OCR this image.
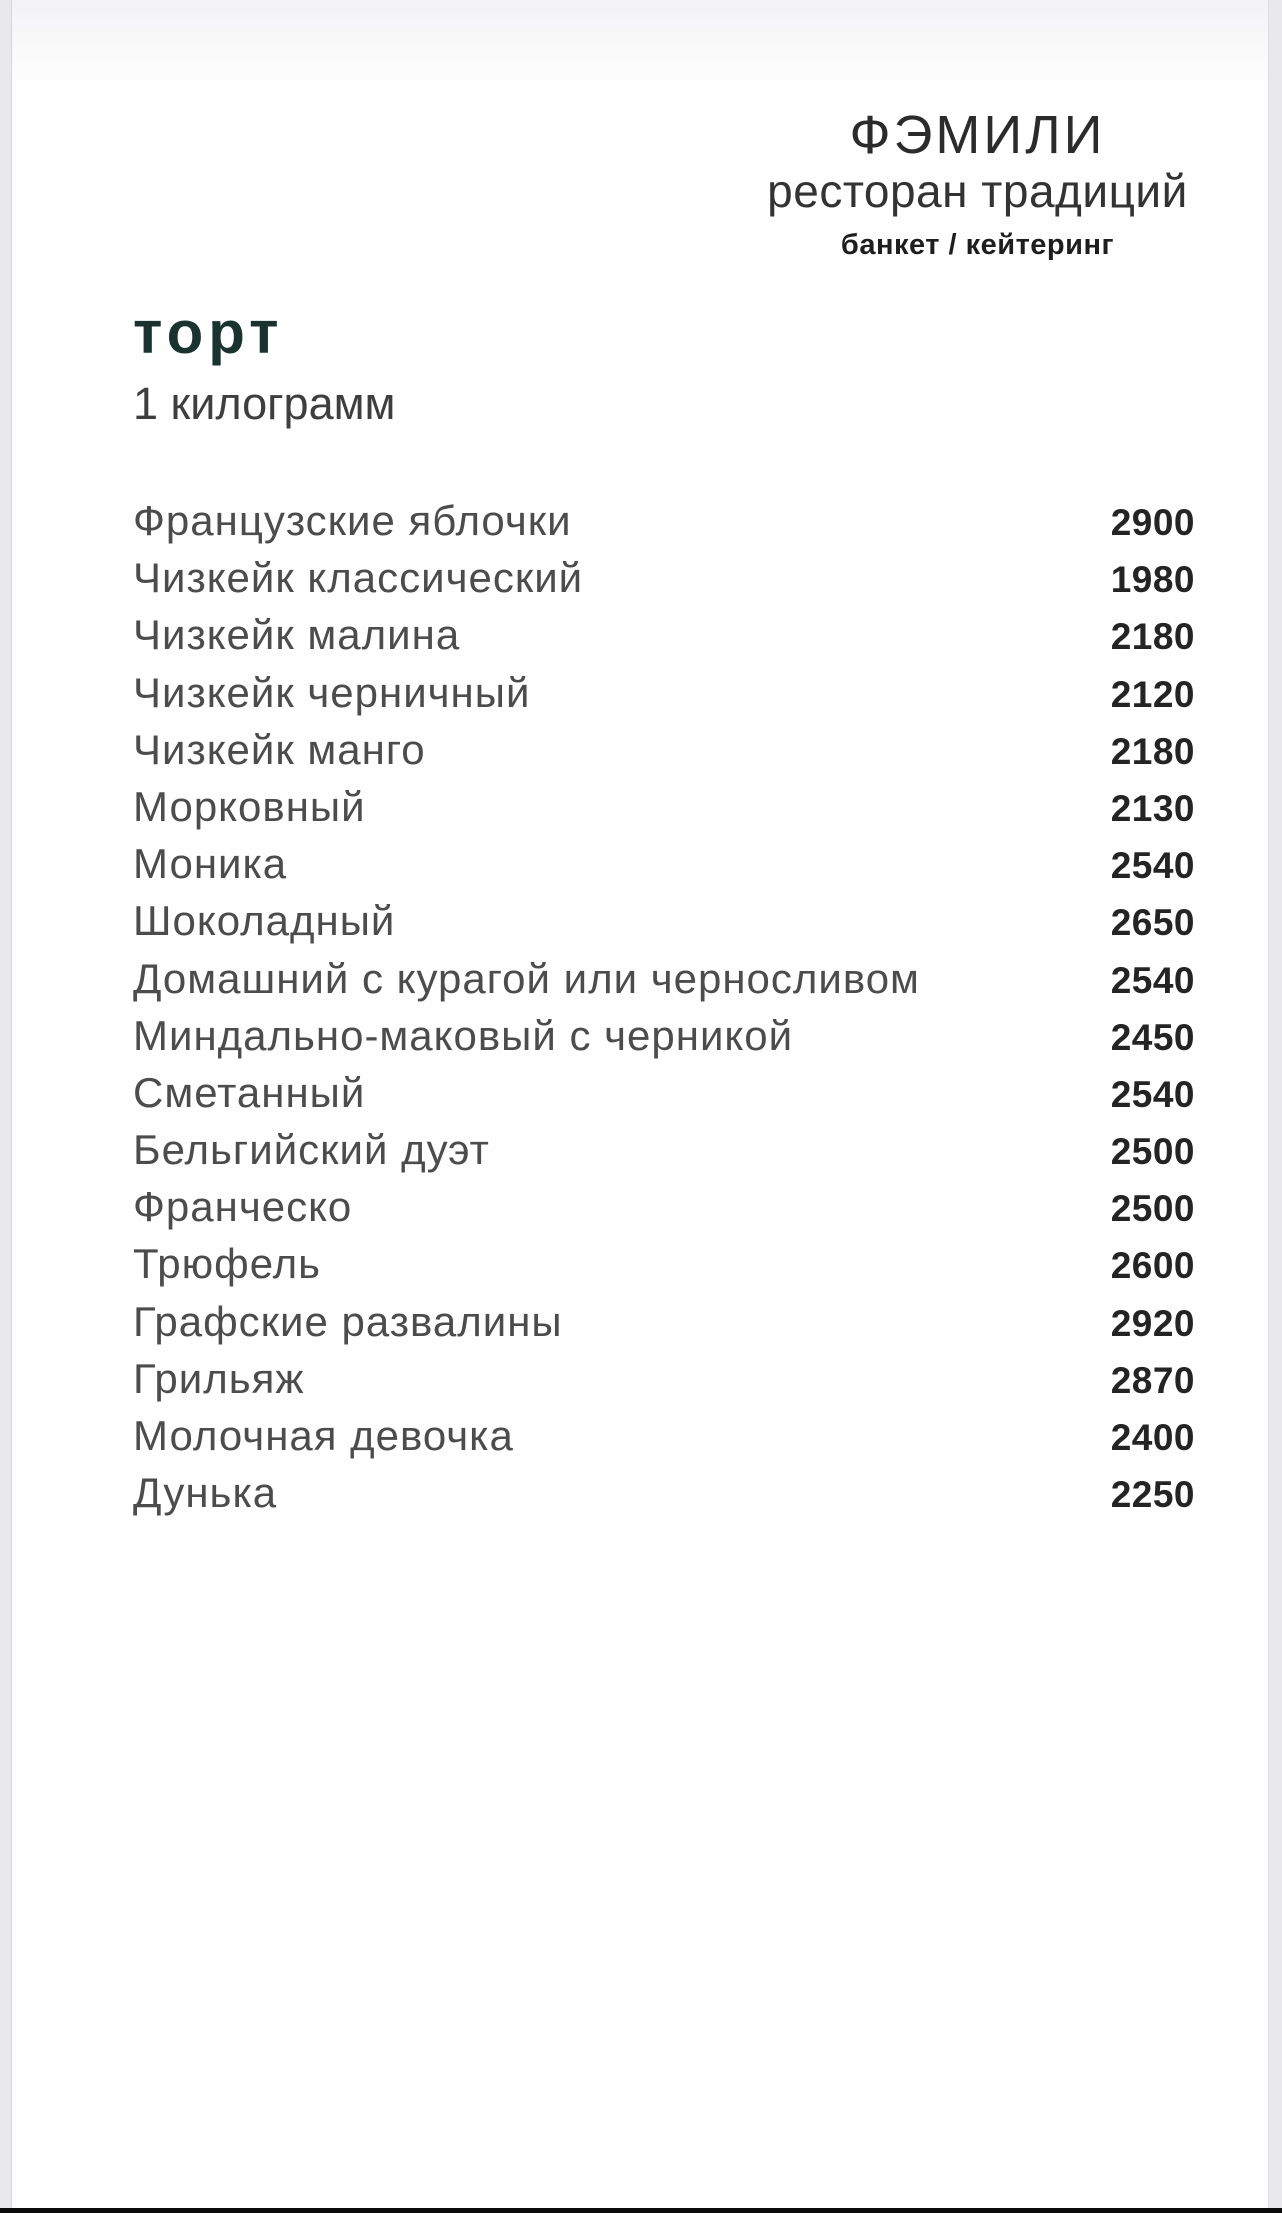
ФЭМИЛИ
ресторан традиций
банкет / кейтеринг
торт
1 килограмм
Французские яблочки	2900
Чизкейк классический	1980
Чизкейк малина	2180
Чизкейк черничный	2120
Чизкейк манго	2180
Морковный	2130
Моника	2540
Шоколадный	2650
Домашний с курагой или черносливом	2540
Миндально-маковый с черникой	2450
Сметанный	2540
Бельгийский дуэт	2500
Франческо	2500
Трюфель	2600
Графские развалины	2920
Грильяж	2870
Молочная девочка	2400
Дунька	2250
